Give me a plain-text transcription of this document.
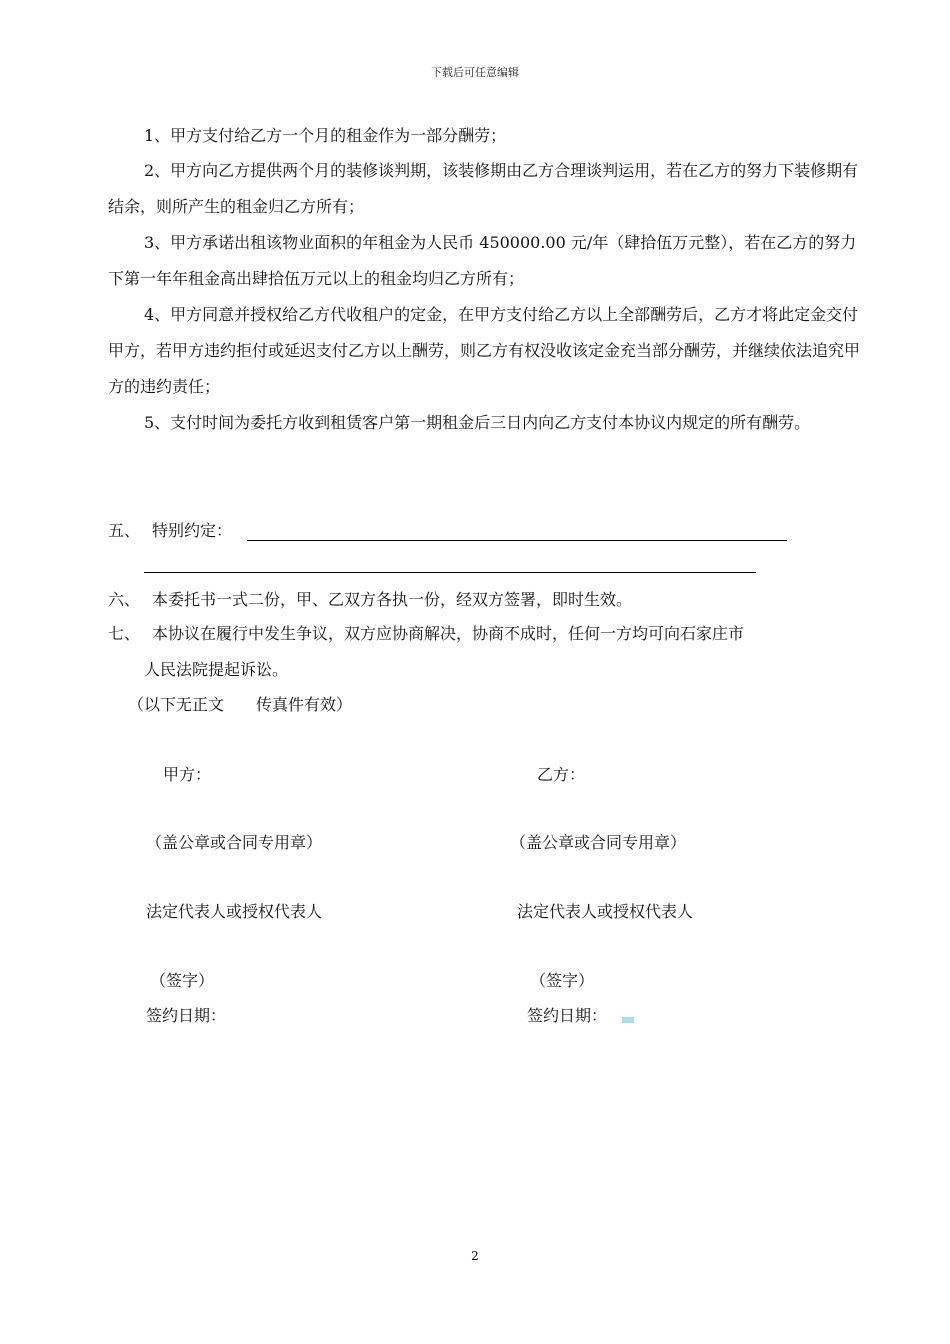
下载后可任意编辑
1、甲方支付给乙方一个月的租金作为一部分酬劳；
2、甲方向乙方提供两个月的装修谈判期，该装修期由乙方合理谈判运用，若在乙方的努力下装修期有结余，则所产生的租金归乙方所有；
3、甲方承诺出租该物业面积的年租金为人民币 450000.00 元/年（肆拾伍万元整），若在乙方的努力下第一年年租金高出肆拾伍万元以上的租金均归乙方所有；
4、甲方同意并授权给乙方代收租户的定金，在甲方支付给乙方以上全部酬劳后，乙方才将此定金交付甲方，若甲方违约拒付或延迟支付乙方以上酬劳，则乙方有权没收该定金充当部分酬劳，并继续依法追究甲方的违约责任；
5、支付时间为委托方收到租赁客户第一期租金后三日内向乙方支付本协议内规定的所有酬劳。
五、 特别约定：
六、 本委托书一式二份，甲、乙双方各执一份，经双方签署，即时生效。
七、 本协议在履行中发生争议，双方应协商解决，协商不成时，任何一方均可向石家庄市
人民法院提起诉讼。
（以下无正文　　传真件有效）
甲方：	乙方：
（盖公章或合同专用章）	（盖公章或合同专用章）
法定代表人或授权代表人	法定代表人或授权代表人
（签字）	（签字）
签约日期：	签约日期：
2
